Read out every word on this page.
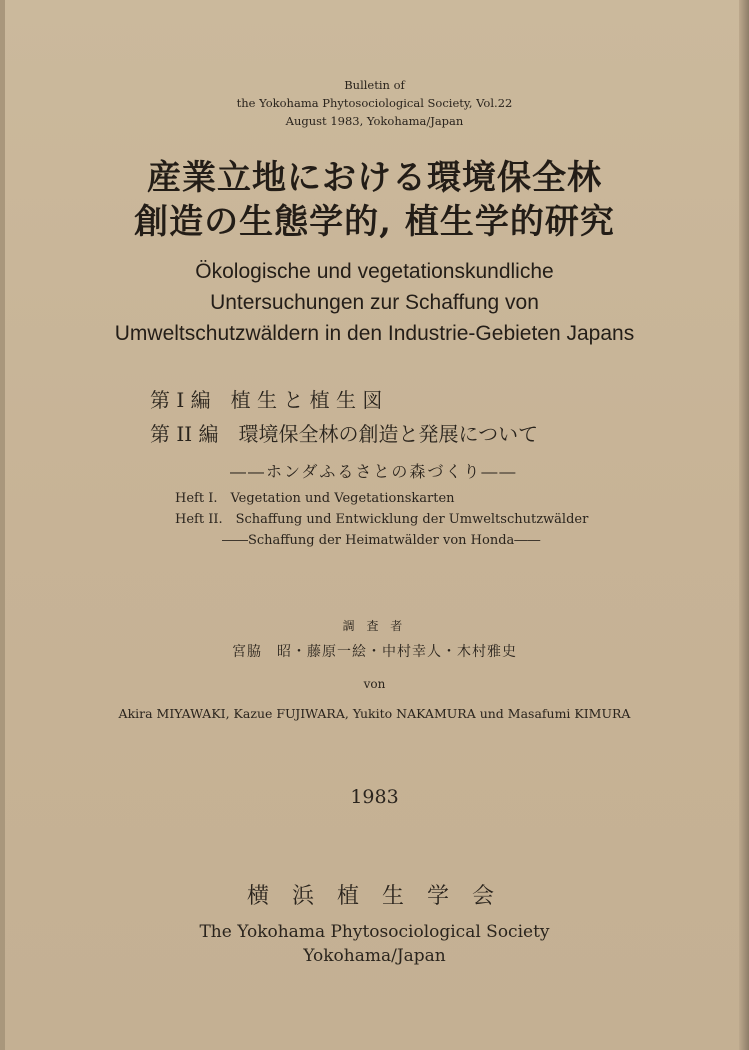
Bulletin of
the Yokohama Phytosociological Society, Vol.22
August 1983, Yokohama/Japan
産業立地における環境保全林
創造の生態学的, 植生学的研究
Ökologische und vegetationskundliche
Untersuchungen zur Schaffung von
Umweltschutzwäldern in den Industrie-Gebieten Japans
第 I 編　植 生 と 植 生 図
第 II 編　環境保全林の創造と発展について
――ホンダふるさとの森づくり――
Heft I.　Vegetation und Vegetationskarten
Heft II.　Schaffung und Entwicklung der Umweltschutzwälder
――Schaffung der Heimatwälder von Honda――
調 査 者
宮脇　昭・藤原一絵・中村幸人・木村雅史
von
Akira MIYAWAKI, Kazue FUJIWARA, Yukito NAKAMURA und Masafumi KIMURA
1983
横 浜 植 生 学 会
The Yokohama Phytosociological Society
Yokohama/Japan
